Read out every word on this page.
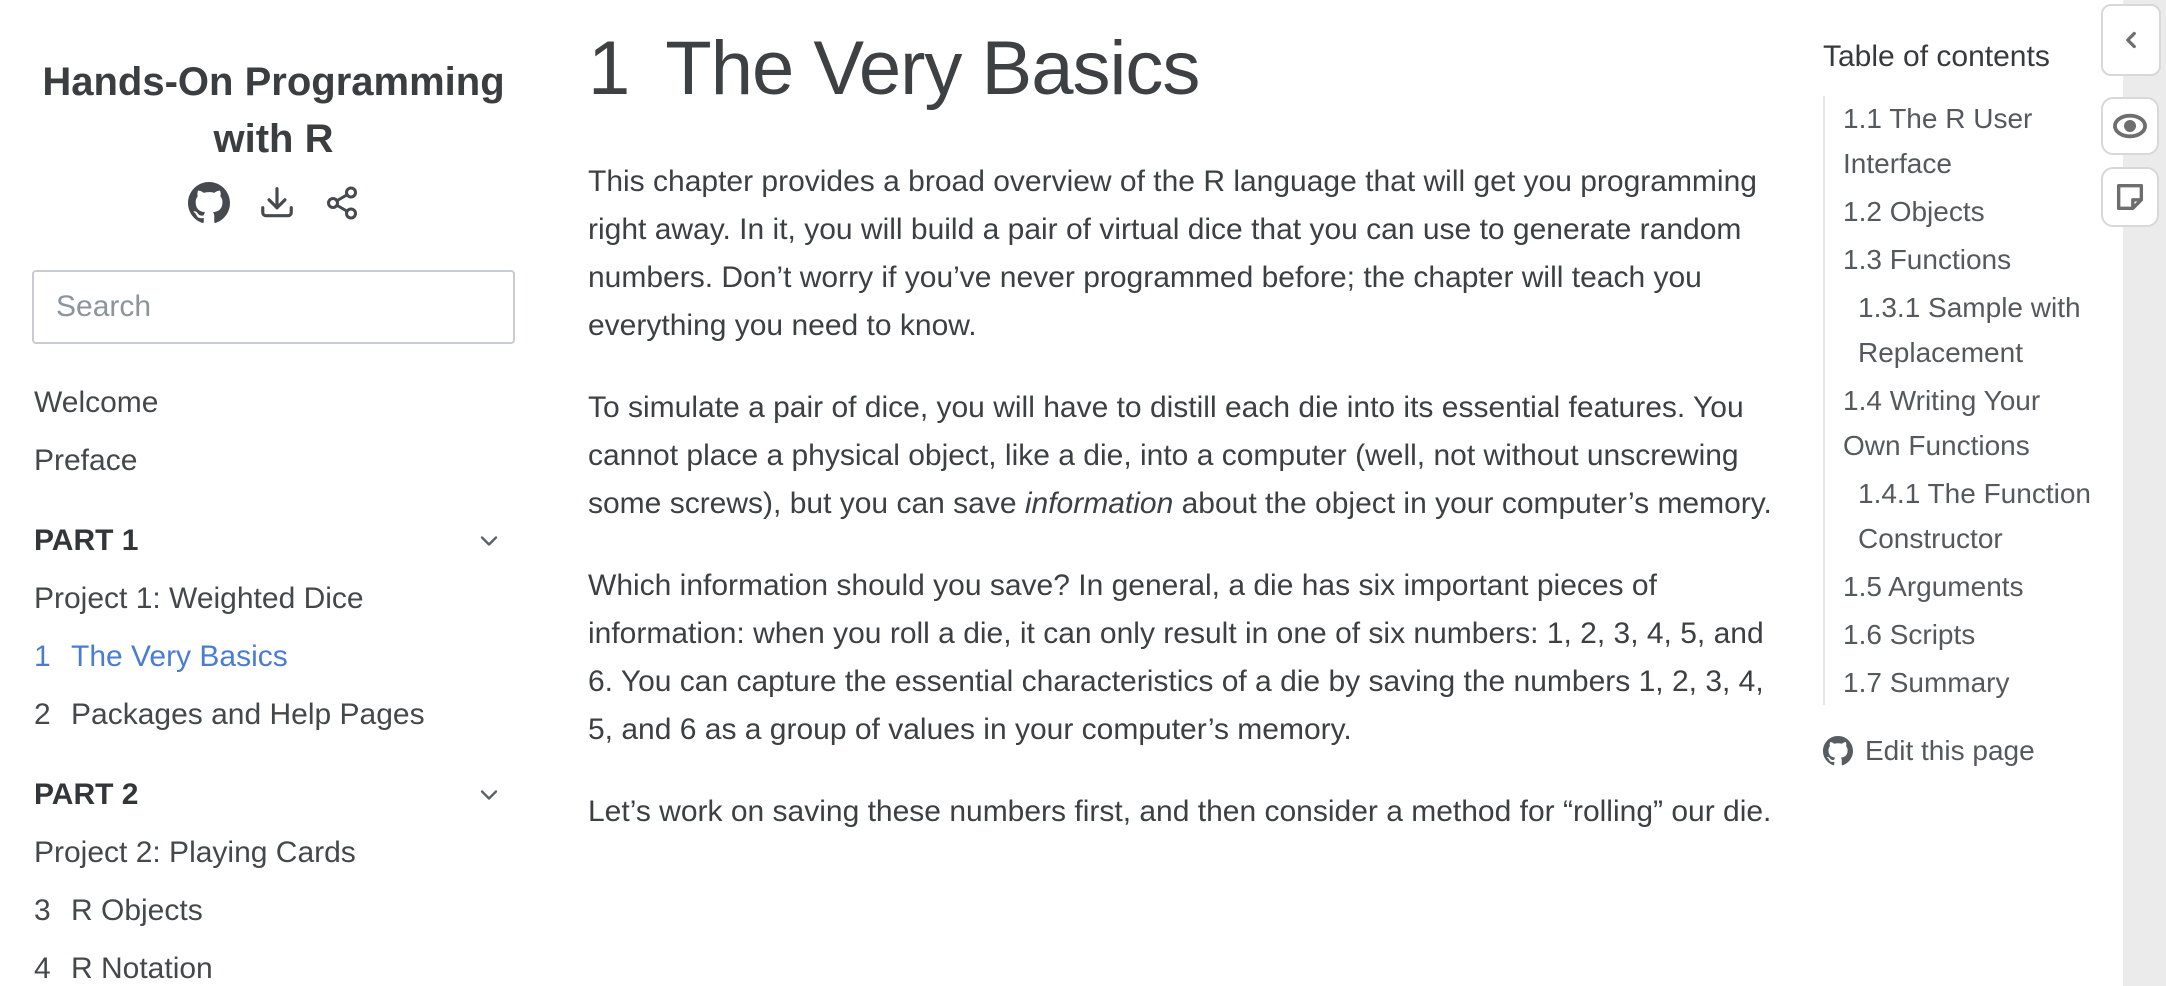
Hands-On Programming with R
Search
Welcome
Preface
PART 1
Project 1: Weighted Dice
1 The Very Basics
2 Packages and Help Pages
PART 2
Project 2: Playing Cards
3 R Objects
4 R Notation
1 The Very Basics

This chapter provides a broad overview of the R language that will get you programming right away. In it, you will build a pair of virtual dice that you can use to generate random numbers. Don’t worry if you’ve never programmed before; the chapter will teach you everything you need to know.

To simulate a pair of dice, you will have to distill each die into its essential features. You cannot place a physical object, like a die, into a computer (well, not without unscrewing some screws), but you can save information about the object in your computer’s memory.

Which information should you save? In general, a die has six important pieces of information: when you roll a die, it can only result in one of six numbers: 1, 2, 3, 4, 5, and 6. You can capture the essential characteristics of a die by saving the numbers 1, 2, 3, 4, 5, and 6 as a group of values in your computer’s memory.

Let’s work on saving these numbers first, and then consider a method for “rolling” our die.

Table of contents
1.1 The R User Interface
1.2 Objects
1.3 Functions
1.3.1 Sample with Replacement
1.4 Writing Your Own Functions
1.4.1 The Function Constructor
1.5 Arguments
1.6 Scripts
1.7 Summary
Edit this page
